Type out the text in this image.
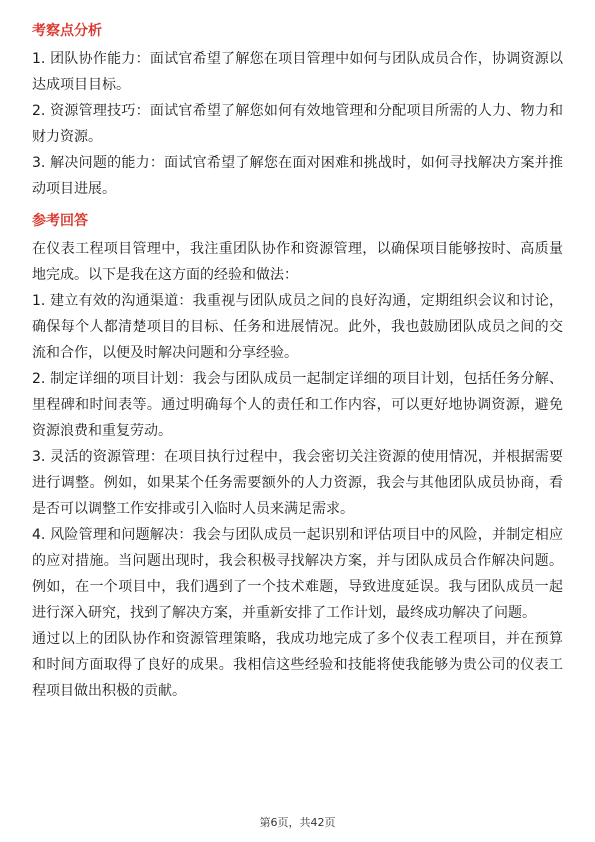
考察点分析

1. 团队协作能力：面试官希望了解您在项目管理中如何与团队成员合作，协调资源以达成项目目标。

2. 资源管理技巧：面试官希望了解您如何有效地管理和分配项目所需的人力、物力和财力资源。

3. 解决问题的能力：面试官希望了解您在面对困难和挑战时，如何寻找解决方案并推动项目进展。

参考回答

在仪表工程项目管理中，我注重团队协作和资源管理，以确保项目能够按时、高质量地完成。以下是我在这方面的经验和做法：

1. 建立有效的沟通渠道：我重视与团队成员之间的良好沟通，定期组织会议和讨论，确保每个人都清楚项目的目标、任务和进展情况。此外，我也鼓励团队成员之间的交流和合作，以便及时解决问题和分享经验。

2. 制定详细的项目计划：我会与团队成员一起制定详细的项目计划，包括任务分解、里程碑和时间表等。通过明确每个人的责任和工作内容，可以更好地协调资源，避免资源浪费和重复劳动。

3. 灵活的资源管理：在项目执行过程中，我会密切关注资源的使用情况，并根据需要进行调整。例如，如果某个任务需要额外的人力资源，我会与其他团队成员协商，看是否可以调整工作安排或引入临时人员来满足需求。

4. 风险管理和问题解决：我会与团队成员一起识别和评估项目中的风险，并制定相应的应对措施。当问题出现时，我会积极寻找解决方案，并与团队成员合作解决问题。例如，在一个项目中，我们遇到了一个技术难题，导致进度延误。我与团队成员一起进行深入研究，找到了解决方案，并重新安排了工作计划，最终成功解决了问题。

通过以上的团队协作和资源管理策略，我成功地完成了多个仪表工程项目，并在预算和时间方面取得了良好的成果。我相信这些经验和技能将使我能够为贵公司的仪表工程项目做出积极的贡献。

第6页，共42页
